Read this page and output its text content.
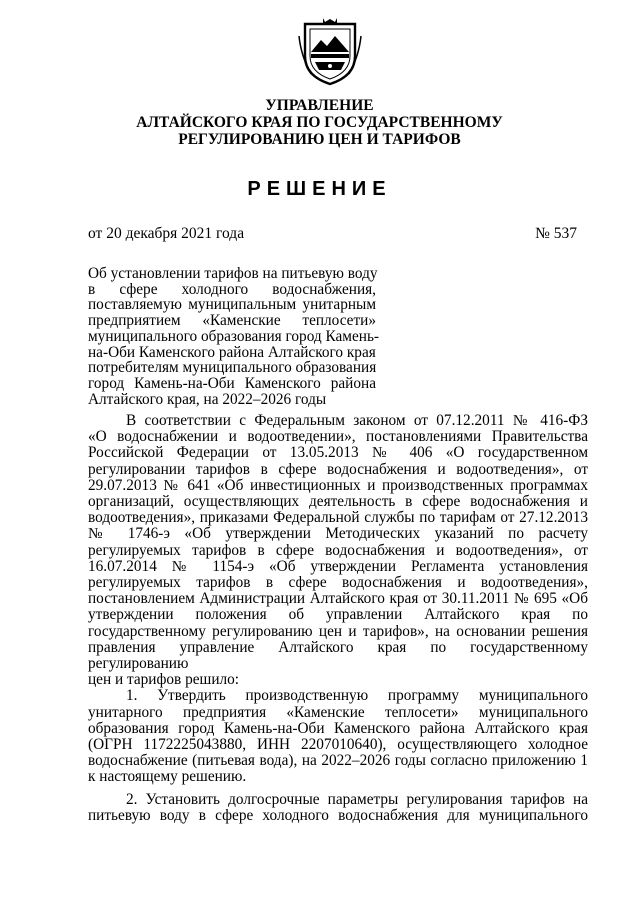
УПРАВЛЕНИЕ
АЛТАЙСКОГО КРАЯ ПО ГОСУДАРСТВЕННОМУ
РЕГУЛИРОВАНИЮ ЦЕН И ТАРИФОВ
РЕШЕНИЕ
от 20 декабря 2021 года	№ 537
Об установлении тарифов на питьевую воду
в сфере холодного водоснабжения,
поставляемую муниципальным унитарным
предприятием «Каменские теплосети»
муниципального образования город Камень-
на-Оби Каменского района Алтайского края
потребителям муниципального образования
город Камень-на-Оби Каменского района
Алтайского края, на 2022–2026 годы
В соответствии с Федеральным законом от 07.12.2011 № 416-ФЗ
«О водоснабжении и водоотведении», постановлениями Правительства
Российской Федерации от 13.05.2013 № 406 «О государственном
регулировании тарифов в сфере водоснабжения и водоотведения», от
29.07.2013 № 641 «Об инвестиционных и производственных программах
организаций, осуществляющих деятельность в сфере водоснабжения и
водоотведения», приказами Федеральной службы по тарифам от 27.12.2013
№ 1746-э «Об утверждении Методических указаний по расчету
регулируемых тарифов в сфере водоснабжения и водоотведения», от
16.07.2014 № 1154-э «Об утверждении Регламента установления
регулируемых тарифов в сфере водоснабжения и водоотведения»,
постановлением Администрации Алтайского края от 30.11.2011 № 695 «Об
утверждении положения об управлении Алтайского края по
государственному регулированию цен и тарифов», на основании решения
правления управление Алтайского края по государственному регулированию
цен и тарифов решило:
1. Утвердить производственную программу муниципального
унитарного предприятия «Каменские теплосети» муниципального
образования город Камень-на-Оби Каменского района Алтайского края
(ОГРН 1172225043880, ИНН 2207010640), осуществляющего холодное
водоснабжение (питьевая вода), на 2022–2026 годы согласно приложению 1
к настоящему решению.
2. Установить долгосрочные параметры регулирования тарифов на
питьевую воду в сфере холодного водоснабжения для муниципального
